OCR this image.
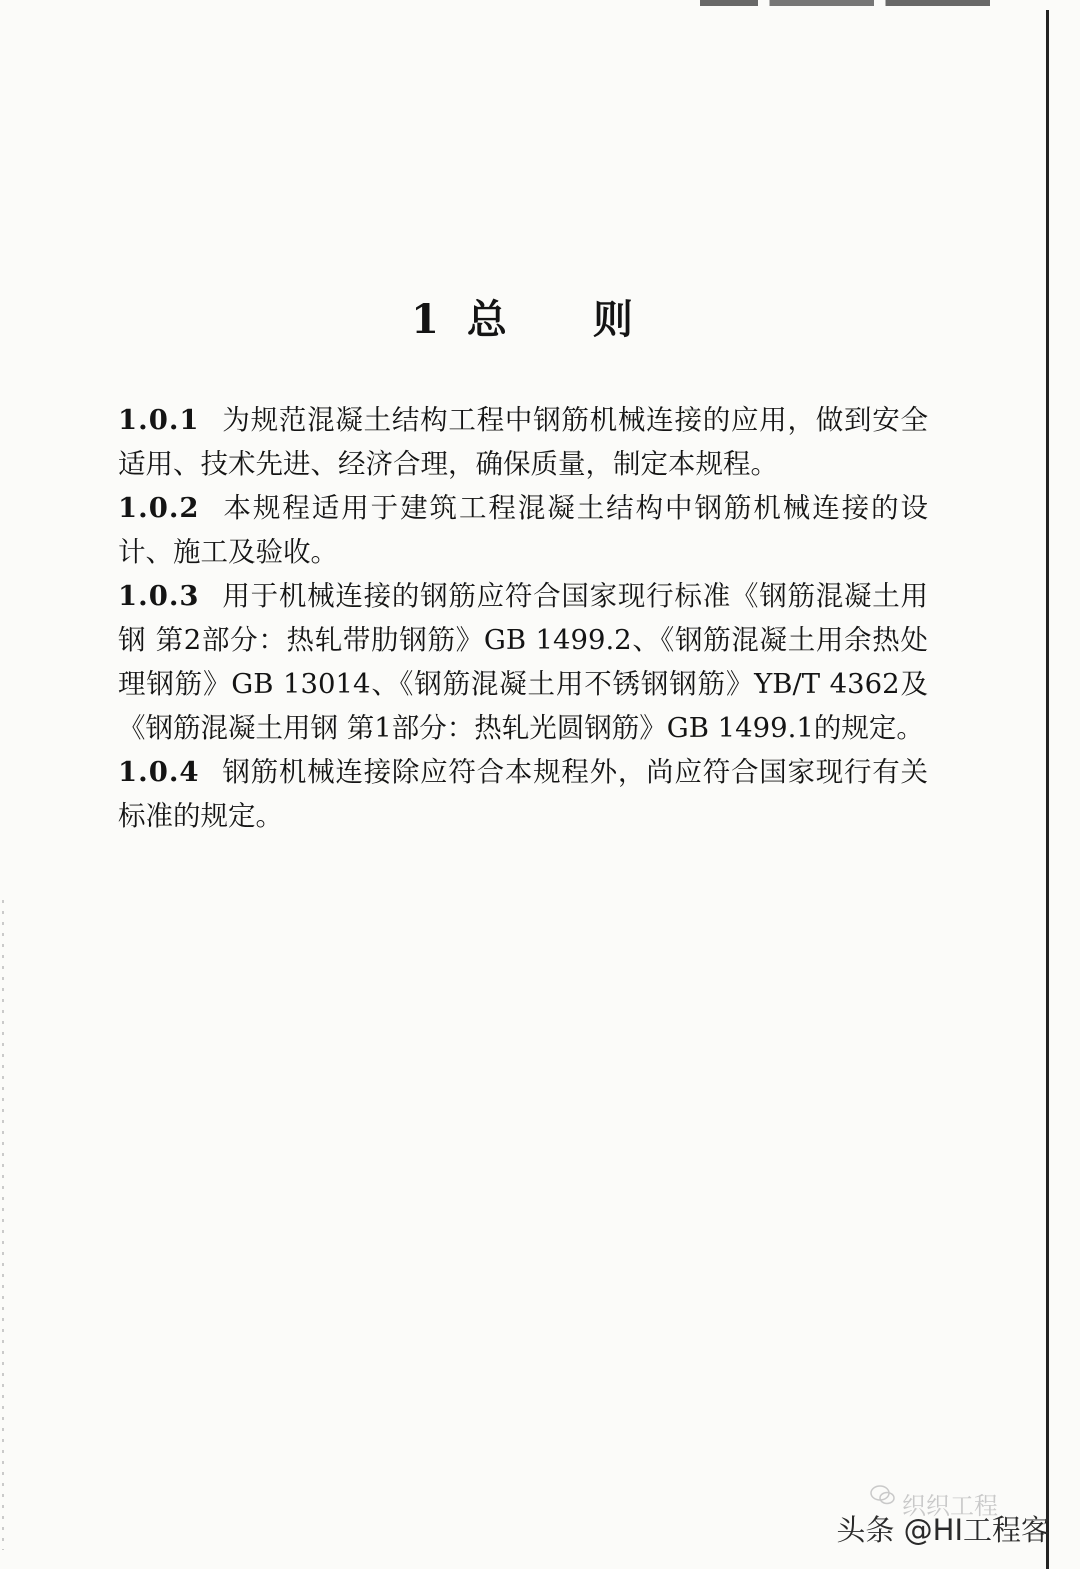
1 总 则

1.0.1 为规范混凝土结构工程中钢筋机械连接的应用，做到安全适用、技术先进、经济合理，确保质量，制定本规程。

1.0.2 本规程适用于建筑工程混凝土结构中钢筋机械连接的设计、施工及验收。

1.0.3 用于机械连接的钢筋应符合国家现行标准《钢筋混凝土用钢 第2部分：热轧带肋钢筋》GB 1499.2、《钢筋混凝土用余热处理钢筋》GB 13014、《钢筋混凝土用不锈钢钢筋》YB/T 4362及《钢筋混凝土用钢 第1部分：热轧光圆钢筋》GB 1499.1的规定。

1.0.4 钢筋机械连接除应符合本规程外，尚应符合国家现行有关标准的规定。

织织工程
头条 @HI工程客
